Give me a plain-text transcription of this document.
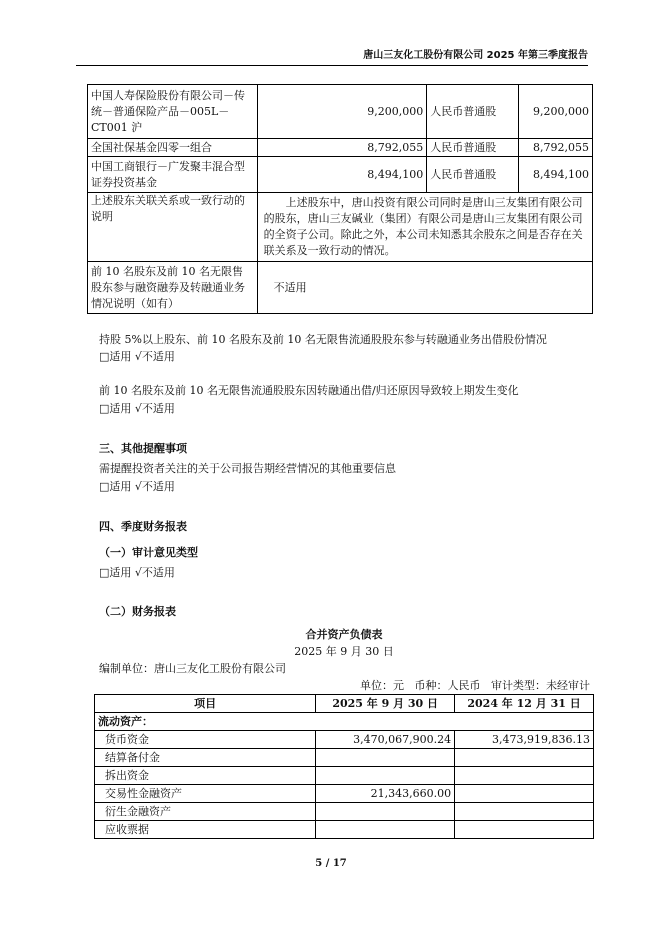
唐山三友化工股份有限公司 2025 年第三季度报告
中国人寿保险股份有限公司－传统－普通保险产品－005L－CT001 沪	9,200,000	人民币普通股	9,200,000
全国社保基金四零一组合	8,792,055	人民币普通股	8,792,055
中国工商银行－广发聚丰混合型证券投资基金	8,494,100	人民币普通股	8,494,100
上述股东关联关系或一致行动的说明	上述股东中，唐山投资有限公司同时是唐山三友集团有限公司的股东，唐山三友碱业（集团）有限公司是唐山三友集团有限公司的全资子公司。除此之外，本公司未知悉其余股东之间是否存在关联关系及一致行动的情况。		
前 10 名股东及前 10 名无限售股东参与融资融券及转融通业务情况说明（如有）	不适用		
持股 5%以上股东、前 10 名股东及前 10 名无限售流通股股东参与转融通业务出借股份情况
□适用 √不适用
前 10 名股东及前 10 名无限售流通股股东因转融通出借/归还原因导致较上期发生变化
□适用 √不适用
三、其他提醒事项
需提醒投资者关注的关于公司报告期经营情况的其他重要信息
□适用 √不适用
四、季度财务报表
（一）审计意见类型
□适用 √不适用
（二）财务报表
合并资产负债表
2025 年 9 月 30 日
编制单位：唐山三友化工股份有限公司
单位：元   币种：人民币   审计类型：未经审计
项目	2025 年 9 月 30 日	2024 年 12 月 31 日
流动资产：		
货币资金	3,470,067,900.24	3,473,919,836.13
结算备付金		
拆出资金		
交易性金融资产	21,343,660.00	
衍生金融资产		
应收票据		
5 / 17
